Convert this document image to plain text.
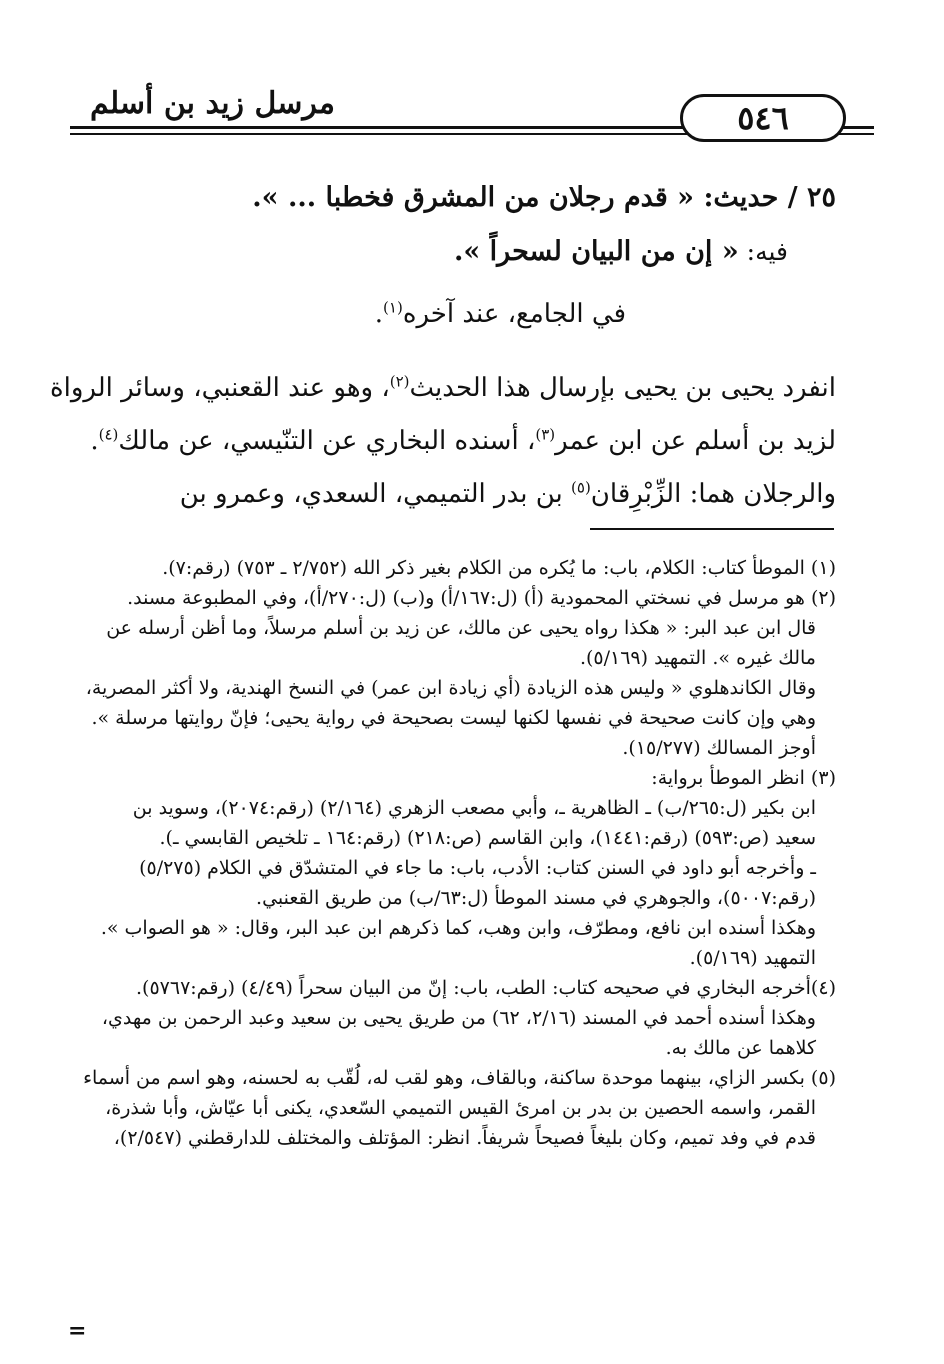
مرسل زيد بن أسلم	٥٤٦

٢٥ / حديث: « قدم رجلان من المشرق فخطبا ... ».

فيه: « إن من البيان لسحراً ».

في الجامع، عند آخره$^{(١)}$.

انفرد يحيى بن يحيى بإرسال هذا الحديث$^{(٢)}$، وهو عند القعنبي، وسائر الرواة
لزيد بن أسلم عن ابن عمر$^{(٣)}$، أسنده البخاري عن التنّيسي، عن مالك$^{(٤)}$.
والرجلان هما: الزِّبْرِقان$^{(٥)}$ بن بدر التميمي، السعدي، وعمرو بن
(١) الموطأ كتاب: الكلام، باب: ما يُكره من الكلام بغير ذكر الله (٢/٧٥٢ ـ ٧٥٣) (رقم:٧).
(٢) هو مرسل في نسختي المحمودية (أ) (ل:١٦٧/أ) و(ب) (ل:٢٧٠/أ)، وفي المطبوعة مسند.
قال ابن عبد البر: « هكذا رواه يحيى عن مالك، عن زيد بن أسلم مرسلاً، وما أظن أرسله عن
مالك غيره ». التمهيد (٥/١٦٩).
وقال الكاندهلوي « وليس هذه الزيادة (أي زيادة ابن عمر) في النسخ الهندية، ولا أكثر المصرية،
وهي وإن كانت صحيحة في نفسها لكنها ليست بصحيحة في رواية يحيى؛ فإنّ روايتها مرسلة ».
أوجز المسالك (١٥/٢٧٧).
(٣) انظر الموطأ برواية:
ابن بكير (ل:٢٦٥/ب) ـ الظاهرية ـ، وأبي مصعب الزهري (٢/١٦٤) (رقم:٢٠٧٤)، وسويد بن
سعيد (ص:٥٩٣) (رقم:١٤٤١)، وابن القاسم (ص:٢١٨) (رقم:١٦٤ ـ تلخيص القابسي ـ).
ـ وأخرجه أبو داود في السنن كتاب: الأدب، باب: ما جاء في المتشدّق في الكلام (٥/٢٧٥)
(رقم:٥٠٠٧)، والجوهري في مسند الموطأ (ل:٦٣/ب) من طريق القعنبي.
وهكذا أسنده ابن نافع، ومطرّف، وابن وهب، كما ذكرهم ابن عبد البر، وقال: « هو الصواب ».
التمهيد (٥/١٦٩).
(٤)أخرجه البخاري في صحيحه كتاب: الطب، باب: إنّ من البيان سحراً (٤/٤٩) (رقم:٥٧٦٧).
وهكذا أسنده أحمد في المسند (٢/١٦، ٦٢) من طريق يحيى بن سعيد وعبد الرحمن بن مهدي،
كلاهما عن مالك به.
(٥) بكسر الزاي، بينهما موحدة ساكنة، وبالقاف، وهو لقب له، لُقّب به لحسنه، وهو اسم من أسماء
القمر، واسمه الحصين بن بدر بن امرئ القيس التميمي السّعدي، يكنى أبا عيّاش، وأبا شذرة،
قدم في وفد تميم، وكان بليغاً فصيحاً شريفاً. انظر: المؤتلف والمختلف للدارقطني (٢/٥٤٧)،
=
